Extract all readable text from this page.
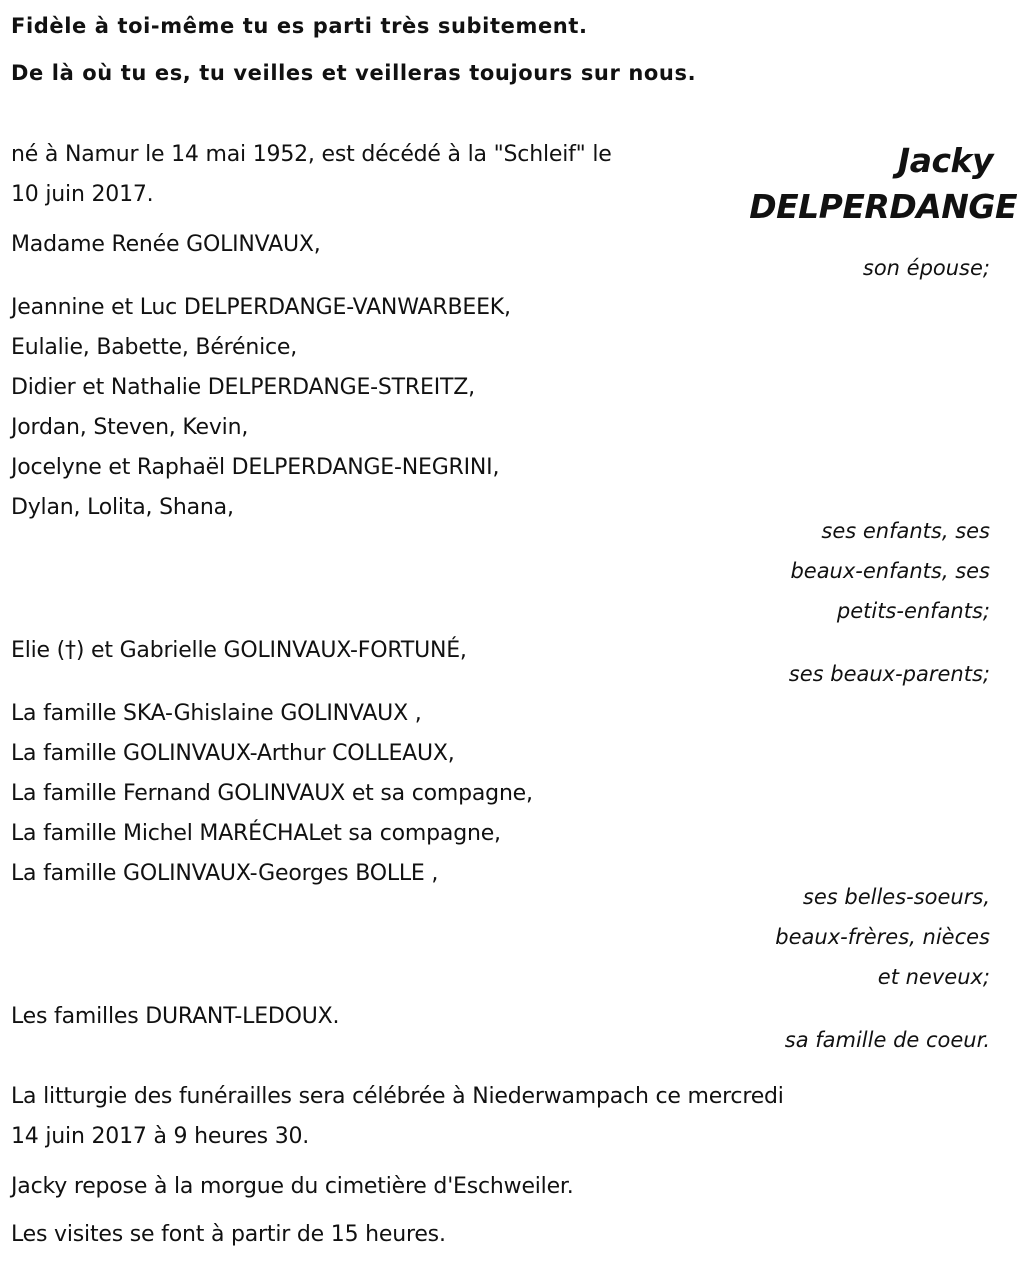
Fidèle à toi-même tu es parti très subitement.
De là où tu es, tu veilles et veilleras toujours sur nous.
Jacky
DELPERDANGE
né à Namur le 14 mai 1952, est décédé à la "Schleif" le
10 juin 2017.
Madame Renée GOLINVAUX,
son épouse;
Jeannine et Luc DELPERDANGE-VANWARBEEK,
Eulalie, Babette, Bérénice,
Didier et Nathalie DELPERDANGE-STREITZ,
Jordan, Steven, Kevin,
Jocelyne et Raphaël DELPERDANGE-NEGRINI,
Dylan, Lolita, Shana,
ses enfants, ses
beaux-enfants, ses
petits-enfants;
Elie (†) et Gabrielle GOLINVAUX-FORTUNÉ,
ses beaux-parents;
La famille SKA-Ghislaine GOLINVAUX ,
La famille GOLINVAUX-Arthur COLLEAUX,
La famille Fernand GOLINVAUX et sa compagne,
La famille Michel MARÉCHALet sa compagne,
La famille GOLINVAUX-Georges BOLLE ,
ses belles-soeurs,
beaux-frères, nièces
et neveux;
Les familles DURANT-LEDOUX.
sa famille de coeur.
La litturgie des funérailles sera célébrée à Niederwampach ce mercredi
14 juin 2017 à 9 heures 30.
Jacky repose à la morgue du cimetière d'Eschweiler.
Les visites se font à partir de 15 heures.
